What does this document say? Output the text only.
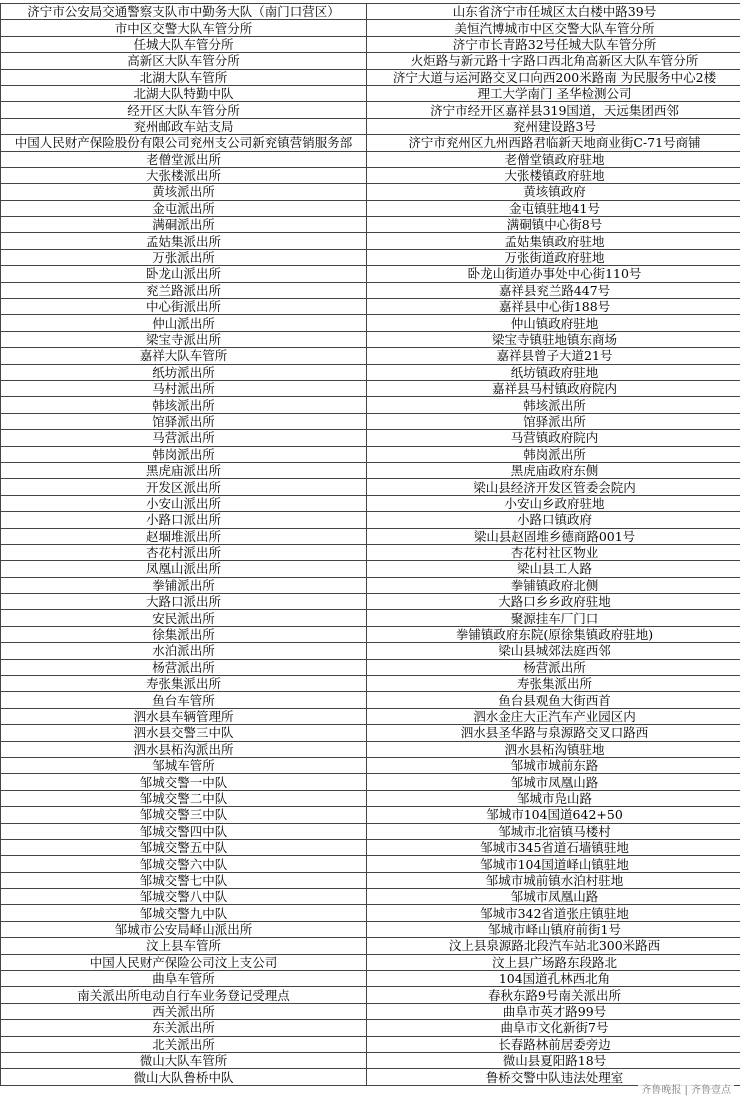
济宁市公安局交通警察支队市中勤务大队（南门口营区）	山东省济宁市任城区太白楼中路39号
市中区交警大队车管分所	美恒汽博城市中区交警大队车管分所
任城大队车管分所	济宁市长青路32号任城大队车管分所
高新区大队车管分所	火炬路与新元路十字路口西北角高新区大队车管分所
北湖大队车管所	济宁大道与运河路交叉口向西200米路南 为民服务中心2楼
北湖大队特勤中队	理工大学南门 圣华检测公司
经开区大队车管分所	济宁市经开区嘉祥县319国道，天远集团西邻
兖州邮政车站支局	兖州建设路3号
中国人民财产保险股份有限公司兖州支公司新兖镇营销服务部	济宁市兖州区九州西路君临新天地商业街C-71号商铺
老僧堂派出所	老僧堂镇政府驻地
大张楼派出所	大张楼镇政府驻地
黄垓派出所	黄垓镇政府
金屯派出所	金屯镇驻地41号
满硐派出所	满硐镇中心街8号
孟姑集派出所	孟姑集镇政府驻地
万张派出所	万张街道政府驻地
卧龙山派出所	卧龙山街道办事处中心街110号
兖兰路派出所	嘉祥县兖兰路447号
中心街派出所	嘉祥县中心街188号
仲山派出所	仲山镇政府驻地
梁宝寺派出所	梁宝寺镇驻地镇东商场
嘉祥大队车管所	嘉祥县曾子大道21号
纸坊派出所	纸坊镇政府驻地
马村派出所	嘉祥县马村镇政府院内
韩垓派出所	韩垓派出所
馆驿派出所	馆驿派出所
马营派出所	马营镇政府院内
韩岗派出所	韩岗派出所
黑虎庙派出所	黑虎庙政府东侧
开发区派出所	梁山县经济开发区管委会院内
小安山派出所	小安山乡政府驻地
小路口派出所	小路口镇政府
赵堌堆派出所	梁山县赵固堆乡德商路001号
杏花村派出所	杏花村社区物业
凤凰山派出所	梁山县工人路
拳铺派出所	拳铺镇政府北侧
大路口派出所	大路口乡乡政府驻地
安民派出所	聚源挂车厂门口
徐集派出所	拳铺镇政府东院(原徐集镇政府驻地)
水泊派出所	梁山县城郊法庭西邻
杨营派出所	杨营派出所
寿张集派出所	寿张集派出所
鱼台车管所	鱼台县观鱼大街西首
泗水县车辆管理所	泗水金庄大正汽车产业园区内
泗水县交警三中队	泗水县圣华路与泉源路交叉口路西
泗水县柘沟派出所	泗水县柘沟镇驻地
邹城车管所	邹城市城前东路
邹城交警一中队	邹城市凤凰山路
邹城交警二中队	邹城市凫山路
邹城交警三中队	邹城市104国道642+50
邹城交警四中队	邹城市北宿镇马楼村
邹城交警五中队	邹城市345省道石墙镇驻地
邹城交警六中队	邹城市104国道峄山镇驻地
邹城交警七中队	邹城市城前镇水泊村驻地
邹城交警八中队	邹城市凤凰山路
邹城交警九中队	邹城市342省道张庄镇驻地
邹城市公安局峄山派出所	邹城市峄山镇府前街1号
汶上县车管所	汶上县泉源路北段汽车站北300米路西
中国人民财产保险公司汶上支公司	汶上县广场路东段路北
曲阜车管所	104国道孔林西北角
南关派出所电动自行车业务登记受理点	春秋东路9号南关派出所
西关派出所	曲阜市英才路99号
东关派出所	曲阜市文化新街7号
北关派出所	长春路林前居委旁边
微山大队车管所	微山县夏阳路18号
微山大队鲁桥中队	鲁桥交警中队违法处理室
齐鲁晚报 | 齐鲁壹点
